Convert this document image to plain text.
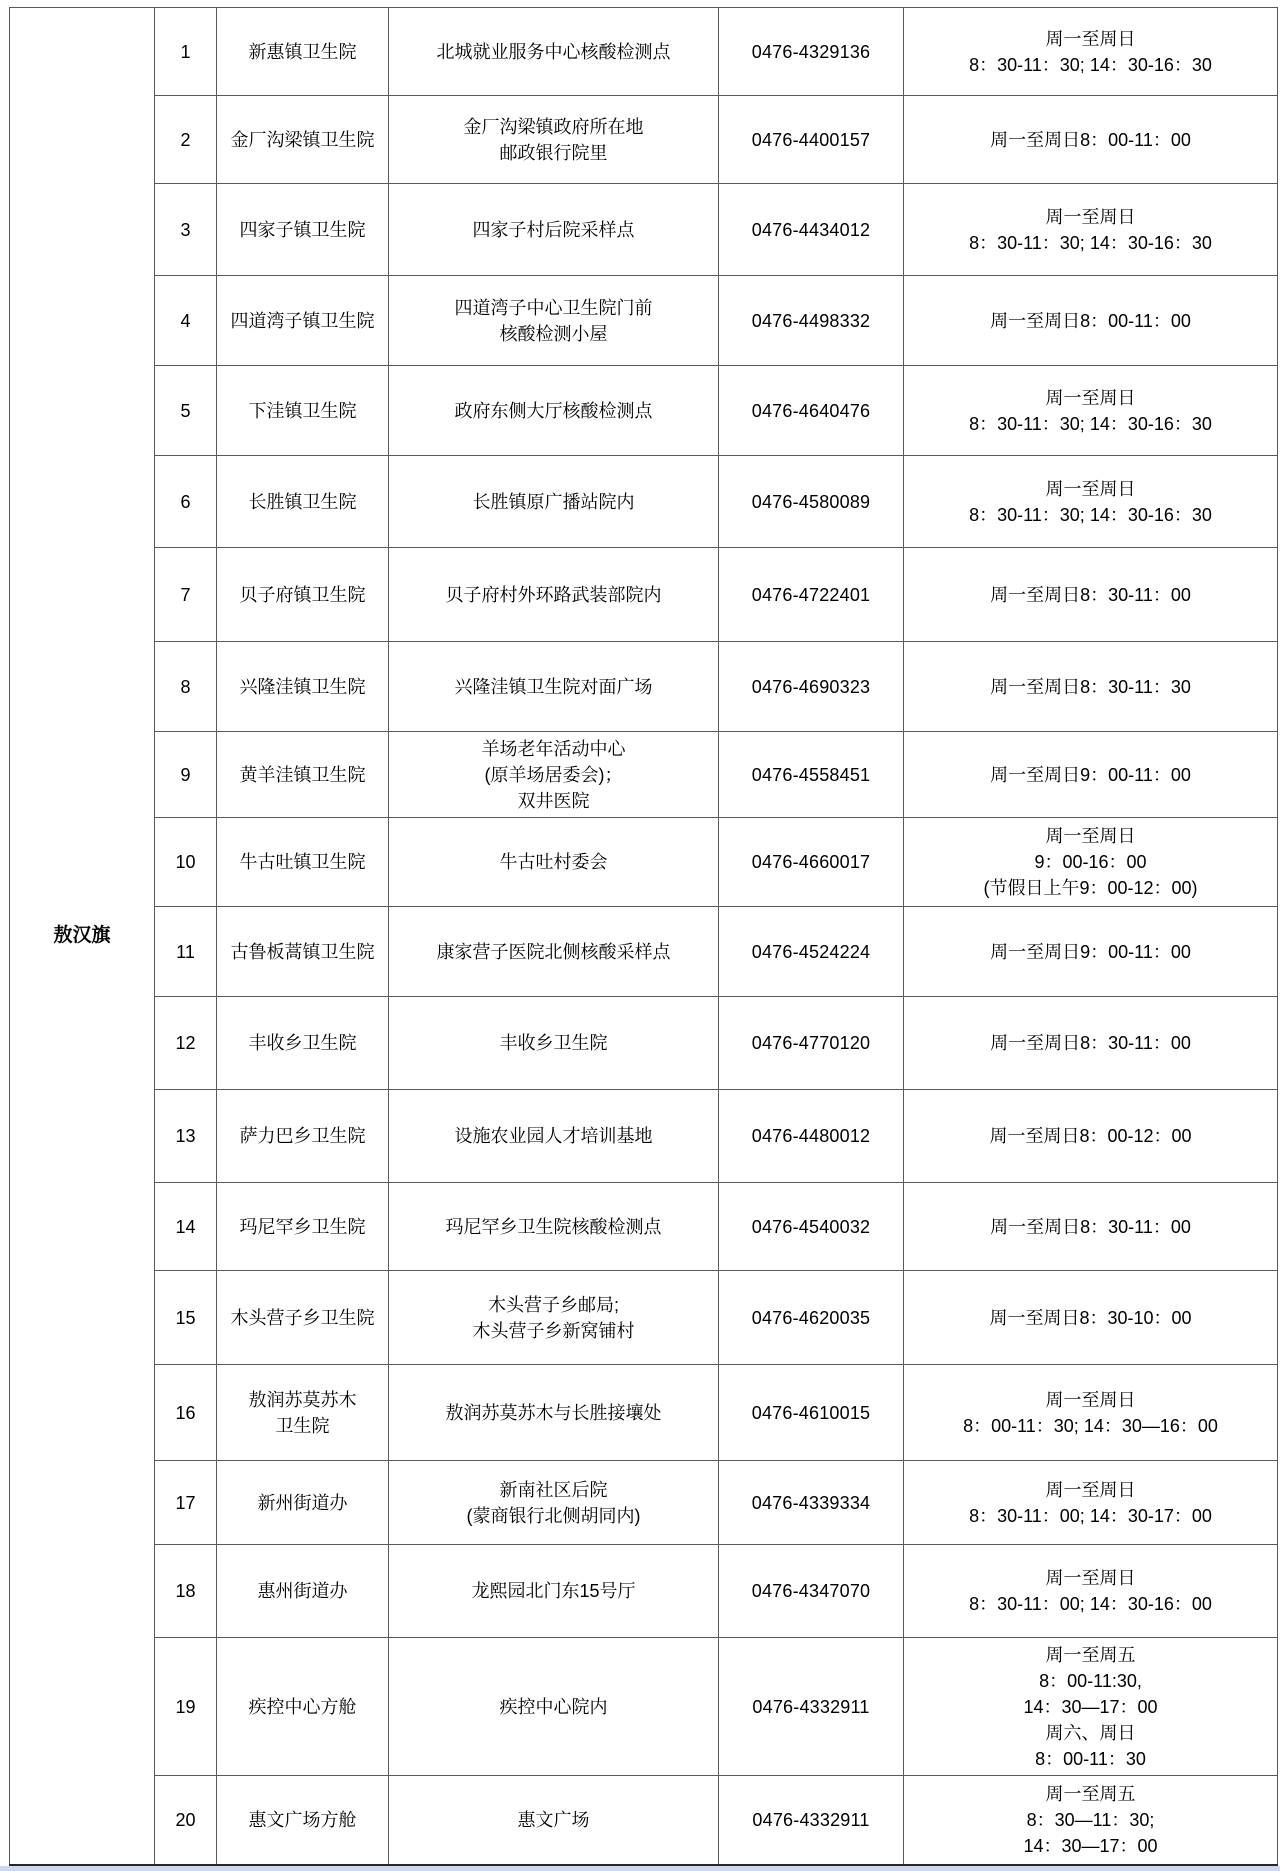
敖汉旗	1	新惠镇卫生院	北城就业服务中心核酸检测点	0476-4329136	周一至周日
8：30-11：30; 14：30-16：30

	2	金厂沟梁镇卫生院	金厂沟梁镇政府所在地
邮政银行院里	0476-4400157	周一至周日8：00-11：00

	3	四家子镇卫生院	四家子村后院采样点	0476-4434012	周一至周日
8：30-11：30; 14：30-16：30

	4	四道湾子镇卫生院	四道湾子中心卫生院门前
核酸检测小屋	0476-4498332	周一至周日8：00-11：00

	5	下洼镇卫生院	政府东侧大厅核酸检测点	0476-4640476	周一至周日
8：30-11：30; 14：30-16：30

	6	长胜镇卫生院	长胜镇原广播站院内	0476-4580089	周一至周日
8：30-11：30; 14：30-16：30

	7	贝子府镇卫生院	贝子府村外环路武装部院内	0476-4722401	周一至周日8：30-11：00

	8	兴隆洼镇卫生院	兴隆洼镇卫生院对面广场	0476-4690323	周一至周日8：30-11：30

	9	黄羊洼镇卫生院	羊场老年活动中心
(原羊场居委会)；
双井医院	0476-4558451	周一至周日9：00-11：00

	10	牛古吐镇卫生院	牛古吐村委会	0476-4660017	周一至周日
9：00-16：00
(节假日上午9：00-12：00)

	11	古鲁板蒿镇卫生院	康家营子医院北侧核酸采样点	0476-4524224	周一至周日9：00-11：00

	12	丰收乡卫生院	丰收乡卫生院	0476-4770120	周一至周日8：30-11：00

	13	萨力巴乡卫生院	设施农业园人才培训基地	0476-4480012	周一至周日8：00-12：00

	14	玛尼罕乡卫生院	玛尼罕乡卫生院核酸检测点	0476-4540032	周一至周日8：30-11：00

	15	木头营子乡卫生院	木头营子乡邮局;
木头营子乡新窝铺村	0476-4620035	周一至周日8：30-10：00

	16	敖润苏莫苏木
卫生院	敖润苏莫苏木与长胜接壤处	0476-4610015	周一至周日
8：00-11：30; 14：30—16：00

	17	新州街道办	新南社区后院
(蒙商银行北侧胡同内)	0476-4339334	周一至周日
8：30-11：00; 14：30-17：00

	18	惠州街道办	龙熙园北门东15号厅	0476-4347070	周一至周日
8：30-11：00; 14：30-16：00

	19	疾控中心方舱	疾控中心院内	0476-4332911	周一至周五
8：00-11:30,
14：30—17：00
周六、周日
8：00-11：30

	20	惠文广场方舱	惠文广场	0476-4332911	周一至周五
8：30—11：30;
14：30—17：00
